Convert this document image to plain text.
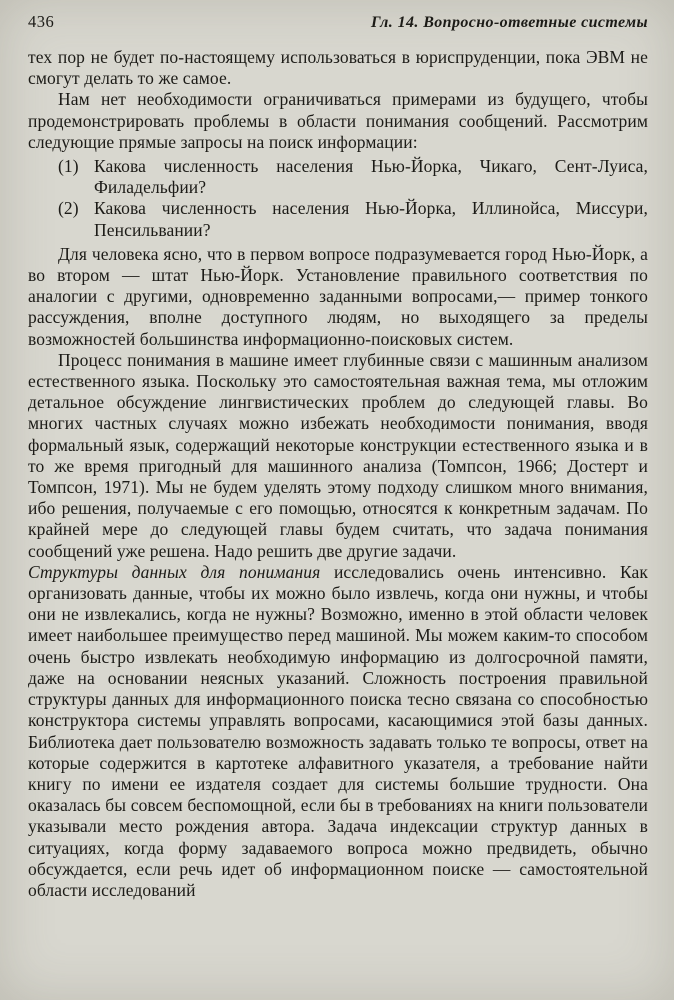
436	Гл. 14. Вопросно-ответные системы

тех пор не будет по-настоящему использоваться в юриспруденции, пока ЭВМ не смогут делать то же самое.

Нам нет необходимости ограничиваться примерами из будущего, чтобы продемонстрировать проблемы в области понимания сообщений. Рассмотрим следующие прямые запросы на поиск информации:

(1) Какова численность населения Нью-Йорка, Чикаго, Сент-Луиса, Филадельфии?

(2) Какова численность населения Нью-Йорка, Иллинойса, Миссури, Пенсильвании?

Для человека ясно, что в первом вопросе подразумевается город Нью-Йорк, а во втором — штат Нью-Йорк. Установление правильного соответствия по аналогии с другими, одновременно заданными вопросами,— пример тонкого рассуждения, вполне доступного людям, но выходящего за пределы возможностей большинства информационно-поисковых систем.

Процесс понимания в машине имеет глубинные связи с машинным анализом естественного языка. Поскольку это самостоятельная важная тема, мы отложим детальное обсуждение лингвистических проблем до следующей главы. Во многих частных случаях можно избежать необходимости понимания, вводя формальный язык, содержащий некоторые конструкции естественного языка и в то же время пригодный для машинного анализа (Томпсон, 1966; Достерт и Томпсон, 1971). Мы не будем уделять этому подходу слишком много внимания, ибо решения, получаемые с его помощью, относятся к конкретным задачам. По крайней мере до следующей главы будем считать, что задача понимания сообщений уже решена. Надо решить две другие задачи.

Структуры данных для понимания исследовались очень интенсивно. Как организовать данные, чтобы их можно было извлечь, когда они нужны, и чтобы они не извлекались, когда не нужны? Возможно, именно в этой области человек имеет наибольшее преимущество перед машиной. Мы можем каким-то способом очень быстро извлекать необходимую информацию из долгосрочной памяти, даже на основании неясных указаний. Сложность построения правильной структуры данных для информационного поиска тесно связана со способностью конструктора системы управлять вопросами, касающимися этой базы данных. Библиотека дает пользователю возможность задавать только те вопросы, ответ на которые содержится в картотеке алфавитного указателя, а требование найти книгу по имени ее издателя создает для системы большие трудности. Она оказалась бы совсем беспомощной, если бы в требованиях на книги пользователи указывали место рождения автора. Задача индексации структур данных в ситуациях, когда форму задаваемого вопроса можно предвидеть, обычно обсуждается, если речь идет об информационном поиске — самостоятельной области исследований
